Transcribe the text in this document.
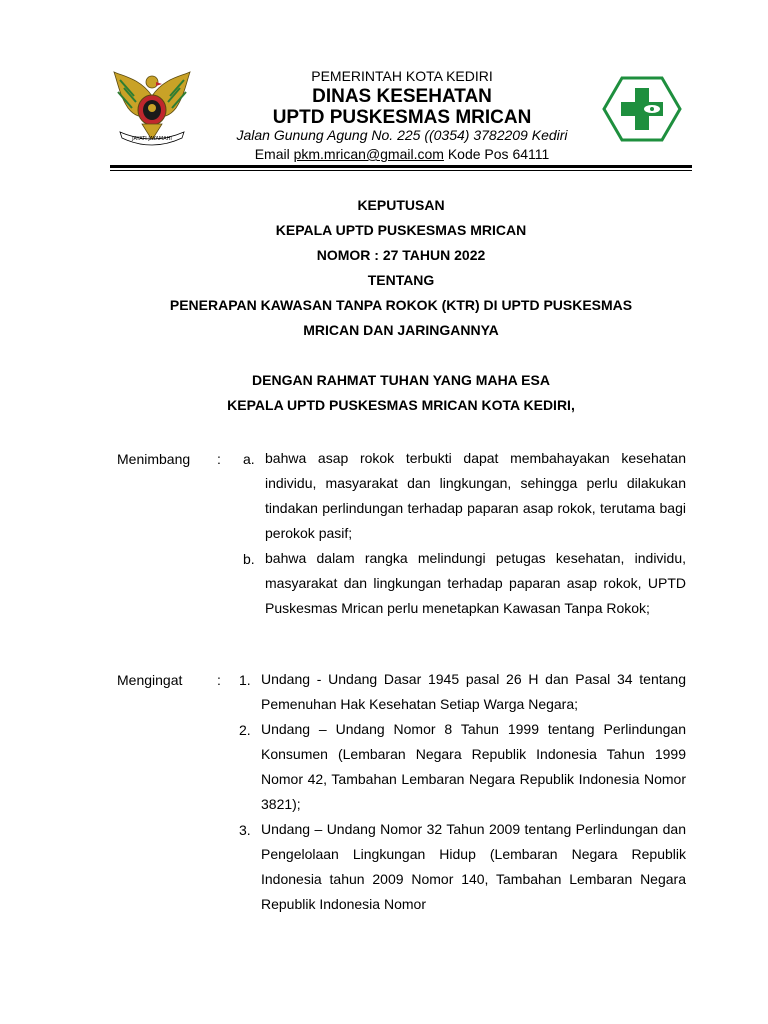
JAYATI JAYAMAHI
PEMERINTAH KOTA KEDIRI
DINAS KESEHATAN
UPTD PUSKESMAS MRICAN
Jalan Gunung Agung No. 225 ((0354) 3782209 Kediri
Email pkm.mrican@gmail.com Kode Pos 64111
KEPUTUSAN
KEPALA UPTD PUSKESMAS MRICAN
NOMOR : 27 TAHUN 2022
TENTANG
PENERAPAN KAWASAN TANPA ROKOK (KTR) DI UPTD PUSKESMAS
MRICAN DAN JARINGANNYA
DENGAN RAHMAT TUHAN YANG MAHA ESA
KEPALA UPTD PUSKESMAS MRICAN KOTA KEDIRI,
Menimbang : a. bahwa asap rokok terbukti dapat membahayakan kesehatan individu, masyarakat dan lingkungan, sehingga perlu dilakukan tindakan perlindungan terhadap paparan asap rokok, terutama bagi perokok pasif;

b. bahwa dalam rangka melindungi petugas kesehatan, individu, masyarakat dan lingkungan terhadap paparan asap rokok, UPTD Puskesmas Mrican perlu menetapkan Kawasan Tanpa Rokok;

Mengingat : 1. Undang - Undang Dasar 1945 pasal 26 H dan Pasal 34 tentang Pemenuhan Hak Kesehatan Setiap Warga Negara;

2. Undang – Undang Nomor 8 Tahun 1999 tentang Perlindungan Konsumen (Lembaran Negara Republik Indonesia Tahun 1999 Nomor 42, Tambahan Lembaran Negara Republik Indonesia Nomor 3821);

3. Undang – Undang Nomor 32 Tahun 2009 tentang Perlindungan dan Pengelolaan Lingkungan Hidup (Lembaran Negara Republik Indonesia tahun 2009 Nomor 140, Tambahan Lembaran Negara Republik Indonesia Nomor
